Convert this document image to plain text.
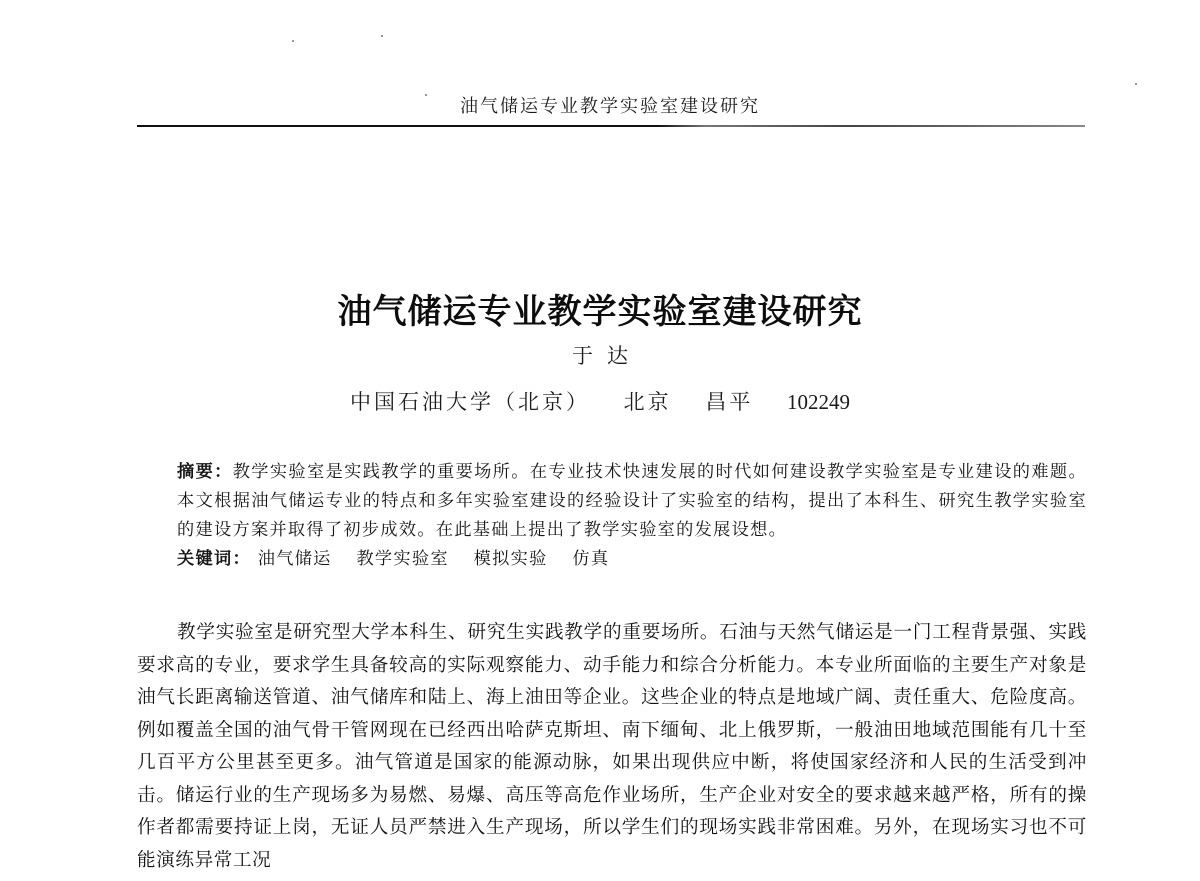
油气储运专业教学实验室建设研究
油气储运专业教学实验室建设研究
于达
中国石油大学（北京） 北京 昌平 102249

摘要：教学实验室是实践教学的重要场所。在专业技术快速发展的时代如何建设教学实验室是专业建设的难题。本文根据油气储运专业的特点和多年实验室建设的经验设计了实验室的结构，提出了本科生、研究生教学实验室的建设方案并取得了初步成效。在此基础上提出了教学实验室的发展设想。

关键词： 油气储运 教学实验室 模拟实验 仿真

教学实验室是研究型大学本科生、研究生实践教学的重要场所。石油与天然气储运是一门工程背景强、实践要求高的专业，要求学生具备较高的实际观察能力、动手能力和综合分析能力。本专业所面临的主要生产对象是油气长距离输送管道、油气储库和陆上、海上油田等企业。这些企业的特点是地域广阔、责任重大、危险度高。例如覆盖全国的油气骨干管网现在已经西出哈萨克斯坦、南下缅甸、北上俄罗斯，一般油田地域范围能有几十至几百平方公里甚至更多。油气管道是国家的能源动脉，如果出现供应中断，将使国家经济和人民的生活受到冲击。储运行业的生产现场多为易燃、易爆、高压等高危作业场所，生产企业对安全的要求越来越严格，所有的操作者都需要持证上岗，无证人员严禁进入生产现场，所以学生们的现场实践非常困难。另外，在现场实习也不可能演练异常工况
